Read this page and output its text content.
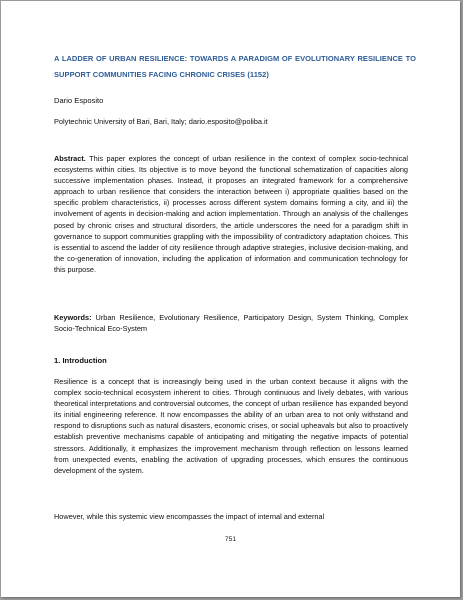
A LADDER OF URBAN RESILIENCE: TOWARDS A PARADIGM OF EVOLUTIONARY RESILIENCE TO SUPPORT COMMUNITIES FACING CHRONIC CRISES (1152)
Dario Esposito
Polytechnic University of Bari, Bari, Italy; dario.esposito@poliba.it

Abstract. This paper explores the concept of urban resilience in the context of complex socio-technical ecosystems within cities. Its objective is to move beyond the functional schematization of capacities along successive implementation phases. Instead, it proposes an integrated framework for a comprehensive approach to urban resilience that considers the interaction between i) appropriate qualities based on the specific problem characteristics, ii) processes across different system domains forming a city, and iii) the involvement of agents in decision-making and action implementation. Through an analysis of the challenges posed by chronic crises and structural disorders, the article underscores the need for a paradigm shift in governance to support communities grappling with the impossibility of contradictory adaptation choices. This is essential to ascend the ladder of city resilience through adaptive strategies, inclusive decision-making, and the co-generation of innovation, including the application of information and communication technology for this purpose.

Keywords: Urban Resilience, Evolutionary Resilience, Participatory Design, System Thinking, Complex Socio-Technical Eco-System

1. Introduction

Resilience is a concept that is increasingly being used in the urban context because it aligns with the complex socio-technical ecosystem inherent to cities. Through continuous and lively debates, with various theoretical interpretations and controversial outcomes, the concept of urban resilience has expanded beyond its initial engineering reference. It now encompasses the ability of an urban area to not only withstand and respond to disruptions such as natural disasters, economic crises, or social upheavals but also to proactively establish preventive mechanisms capable of anticipating and mitigating the negative impacts of potential stressors. Additionally, it emphasizes the improvement mechanism through reflection on lessons learned from unexpected events, enabling the activation of upgrading processes, which ensures the continuous development of the system.

However, while this systemic view encompasses the impact of internal and external

751
